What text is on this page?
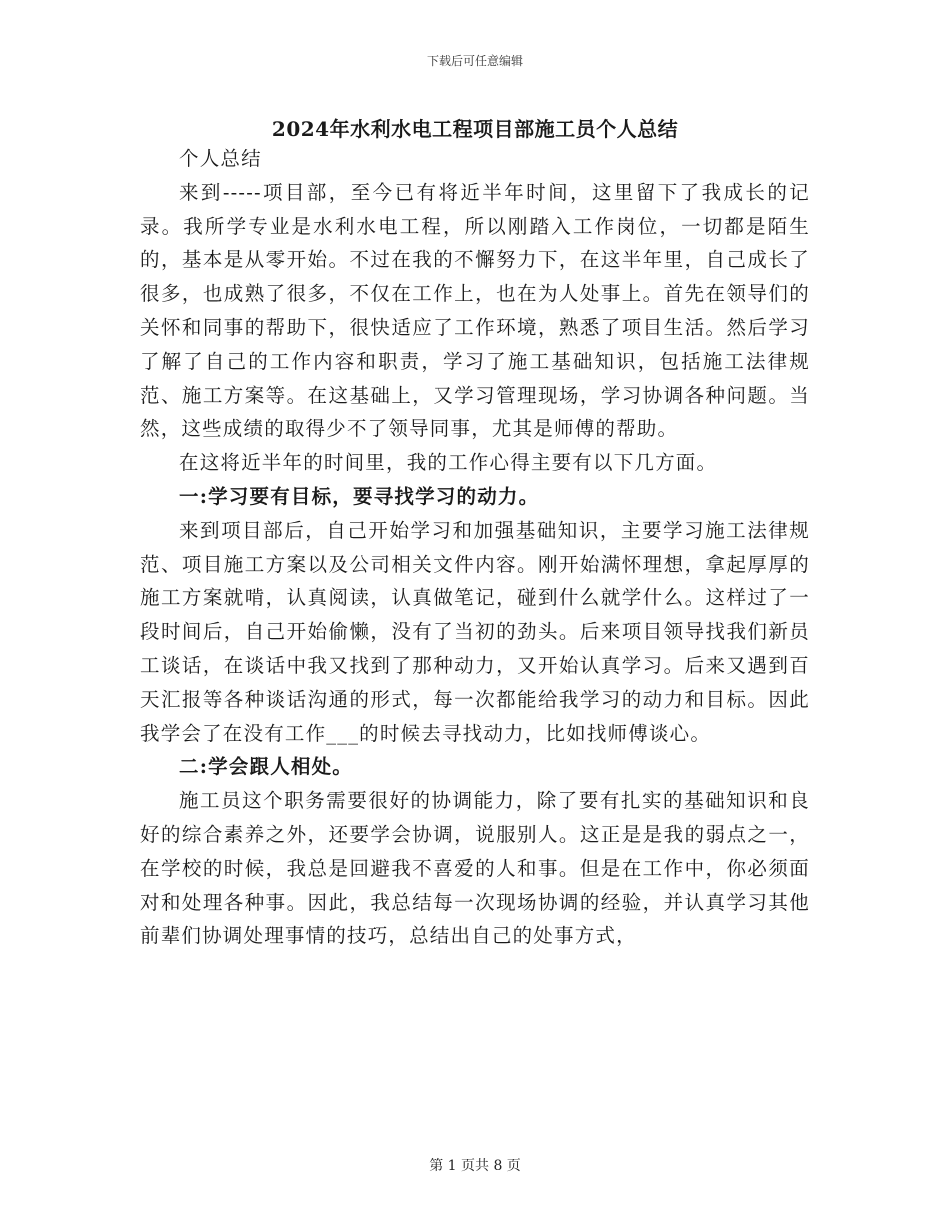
下载后可任意编辑
2024年水利水电工程项目部施工员个人总结

个人总结

来到-----项目部，至今已有将近半年时间，这里留下了我成长的记录。我所学专业是水利水电工程，所以刚踏入工作岗位，一切都是陌生的，基本是从零开始。不过在我的不懈努力下，在这半年里，自己成长了很多，也成熟了很多，不仅在工作上，也在为人处事上。首先在领导们的关怀和同事的帮助下，很快适应了工作环境，熟悉了项目生活。然后学习了解了自己的工作内容和职责，学习了施工基础知识，包括施工法律规范、施工方案等。在这基础上，又学习管理现场，学习协调各种问题。当然，这些成绩的取得少不了领导同事，尤其是师傅的帮助。

在这将近半年的时间里，我的工作心得主要有以下几方面。

一:学习要有目标，要寻找学习的动力。

来到项目部后，自己开始学习和加强基础知识，主要学习施工法律规范、项目施工方案以及公司相关文件内容。刚开始满怀理想，拿起厚厚的施工方案就啃，认真阅读，认真做笔记，碰到什么就学什么。这样过了一段时间后，自己开始偷懒，没有了当初的劲头。后来项目领导找我们新员工谈话，在谈话中我又找到了那种动力，又开始认真学习。后来又遇到百天汇报等各种谈话沟通的形式，每一次都能给我学习的动力和目标。因此我学会了在没有工作___的时候去寻找动力，比如找师傅谈心。

二:学会跟人相处。

施工员这个职务需要很好的协调能力，除了要有扎实的基础知识和良好的综合素养之外，还要学会协调，说服别人。这正是是我的弱点之一，在学校的时候，我总是回避我不喜爱的人和事。但是在工作中，你必须面对和处理各种事。因此，我总结每一次现场协调的经验，并认真学习其他前辈们协调处理事情的技巧，总结出自己的处事方式，

第 1 页共 8 页
